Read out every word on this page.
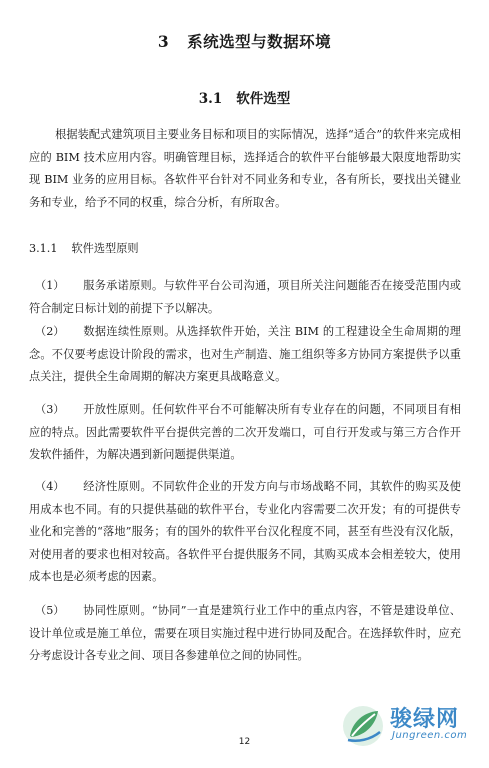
3 系统选型与数据环境
3.1 软件选型

根据装配式建筑项目主要业务目标和项目的实际情况，选择“适合”的软件来完成相应的 BIM 技术应用内容。明确管理目标，选择适合的软件平台能够最大限度地帮助实现 BIM 业务的应用目标。各软件平台针对不同业务和专业，各有所长，要找出关键业务和专业，给予不同的权重，综合分析，有所取舍。

3.1.1 软件选型原则

（1） 服务承诺原则。与软件平台公司沟通，项目所关注问题能否在接受范围内或符合制定日标计划的前提下予以解决。

（2） 数据连续性原则。从选择软件开始，关注 BIM 的工程建设全生命周期的理念。不仅要考虑设计阶段的需求，也对生产制造、施工组织等多方协同方案提供予以重点关注，提供全生命周期的解决方案更具战略意义。

（3） 开放性原则。任何软件平台不可能解决所有专业存在的问题，不同项目有相应的特点。因此需要软件平台提供完善的二次开发端口，可自行开发或与第三方合作开发软件插件，为解决遇到新问题提供渠道。

（4） 经济性原则。不同软件企业的开发方向与市场战略不同，其软件的购买及使用成本也不同。有的只提供基础的软件平台，专业化内容需要二次开发；有的可提供专业化和完善的“落地”服务；有的国外的软件平台汉化程度不同，甚至有些没有汉化版，对使用者的要求也相对较高。各软件平台提供服务不同，其购买成本会相差较大，使用成本也是必须考虑的因素。

（5） 协同性原则。“协同”一直是建筑行业工作中的重点内容，不管是建设单位、设计单位或是施工单位，需要在项目实施过程中进行协同及配合。在选择软件时，应充分考虑设计各专业之间、项目各参建单位之间的协同性。

12
骏绿网
Jungreen.com
